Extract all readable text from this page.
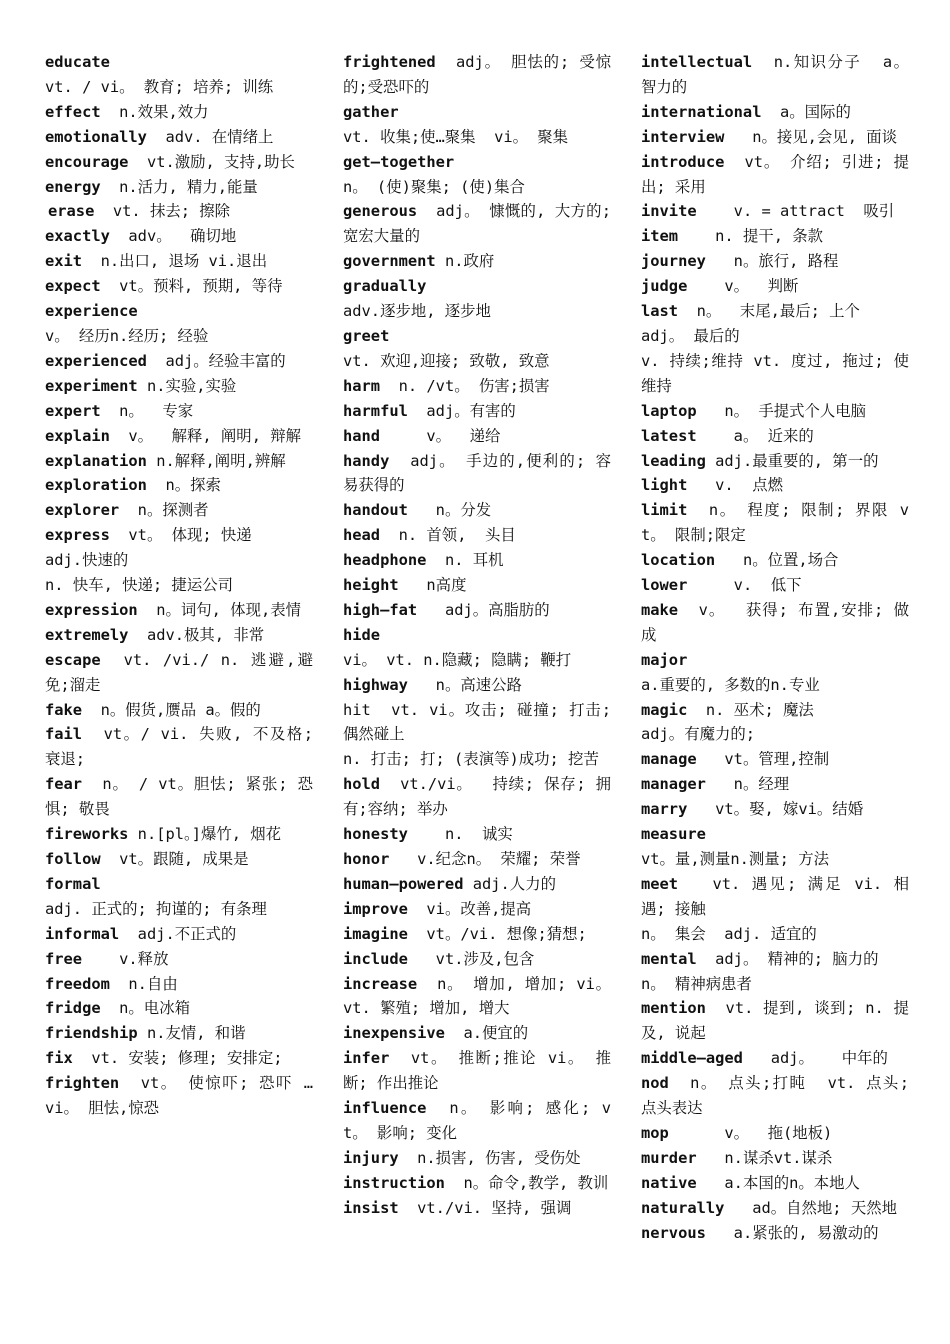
educate
vt. / vi。 教育; 培养; 训练
effect  n.效果,效力
emotionally  adv. 在情绪上
encourage  vt.激励, 支持,助长
energy  n.活力, 精力,能量
erase  vt. 抹去; 擦除
exactly  adv。  确切地
exit  n.出口, 退场 vi.退出
expect  vt。预料, 预期, 等待
experience
v。 经历n.经历; 经验
experienced  adj。经验丰富的
experiment n.实验,实验
expert  n。  专家
explain  v。  解释, 阐明, 辩解
explanation n.解释,阐明,辨解
exploration  n。探索
explorer  n。探测者
express  vt。 体现; 快递
adj.快速的
n. 快车, 快递; 捷运公司
expression  n。词句, 体现,表情
extremely  adv.极其, 非常
escape  vt. /vi./ n. 逃避,避免;溜走
fake  n。假货,赝品 a。假的
fail  vt。/ vi. 失败, 不及格; 衰退;
fear  n。 / vt。胆怯; 紧张; 恐惧; 敬畏
fireworks n.[pl。]爆竹, 烟花
follow  vt。跟随, 成果是
formal
adj. 正式的; 拘谨的; 有条理
informal  adj.不正式的
free    v.释放
freedom  n.自由
fridge  n。电冰箱
friendship n.友情, 和谐
fix  vt. 安装; 修理; 安排定;
frighten  vt。 使惊吓; 恐吓 … vi。 胆怯,惊恐
frightened  adj。 胆怯的; 受惊的;受恐吓的
gather
vt. 收集;使…聚集  vi。 聚集
get—together
n。 (使)聚集; (使)集合
generous  adj。 慷慨的, 大方的; 宽宏大量的
government n.政府
gradually
adv.逐步地, 逐步地
greet
vt. 欢迎,迎接; 致敬, 致意
harm  n. /vt。 伤害;损害
harmful  adj。有害的
hand     v。  递给
handy  adj。 手边的,便利的; 容易获得的
handout   n。分发
head  n. 首领,  头目
headphone  n. 耳机
height   n高度
high—fat   adj。高脂肪的
hide
vi。 vt. n.隐藏; 隐瞒; 鞭打
highway   n。高速公路
hit  vt. vi。攻击; 碰撞; 打击; 偶然碰上
n. 打击; 打; (表演等)成功; 挖苦
hold  vt./vi。  持续; 保存; 拥有;容纳; 举办
honesty    n.  诚实
honor   v.纪念n。 荣耀; 荣誉
human—powered adj.人力的
improve  vi。改善,提高
imagine  vt。/vi. 想像;猜想;
include   vt.涉及,包含
increase  n。 增加, 增加; vi。 vt. 繁殖; 增加, 增大
inexpensive  a.便宜的
infer  vt。 推断;推论 vi。 推断; 作出推论
influence  n。 影响; 感化; vt。 影响; 变化
injury  n.损害, 伤害, 受伤处
instruction  n。命令,教学, 教训
insist  vt./vi. 坚持, 强调
intellectual  n.知识分子  a。智力的
international  a。国际的
interview   n。接见,会见, 面谈
introduce  vt。 介绍; 引进; 提出; 采用
invite    v. = attract  吸引
item    n. 提干, 条款
journey   n。旅行, 路程
judge    v。  判断
last  n。  末尾,最后; 上个
adj。 最后的
v. 持续;维持 vt. 度过, 拖过; 使维持
laptop   n。 手提式个人电脑
latest    a。 近来的
leading adj.最重要的, 第一的
light   v.  点燃
limit  n。 程度; 限制; 界限 vt。 限制;限定
location   n。位置,场合
lower     v.  低下
make  v。  获得; 布置,安排; 做成
major
a.重要的, 多数的n.专业
magic  n. 巫术; 魔法
adj。有魔力的;
manage   vt。管理,控制
manager   n。经理
marry   vt。娶, 嫁vi。结婚
measure
vt。量,测量n.测量; 方法
meet   vt. 遇见; 满足 vi. 相遇; 接触
n。 集会  adj. 适宜的
mental  adj。 精神的; 脑力的
n。 精神病患者
mention  vt. 提到, 谈到; n. 提及, 说起
middle—aged   adj。   中年的
nod  n。 点头;打盹  vt. 点头; 点头表达
mop      v。  拖(地板)
murder   n.谋杀vt.谋杀
native   a.本国的n。本地人
naturally   ad。自然地; 天然地
nervous   a.紧张的, 易激动的
